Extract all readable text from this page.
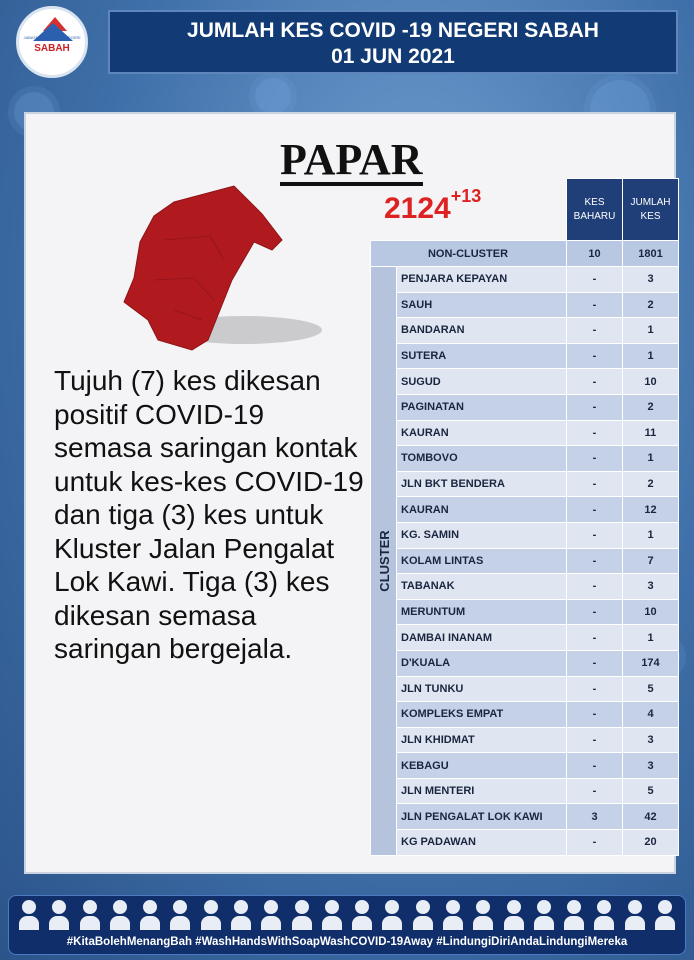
JABATAN KESIHATAN NEGERI
SABAH
JUMLAH KES COVID -19 NEGERI SABAH
01 JUN 2021
PAPAR
$2124^{+13}$

Tujuh (7) kes dikesan positif COVID-19 semasa saringan kontak untuk kes-kes COVID-19 dan tiga (3) kes untuk Kluster Jalan Pengalat Lok Kawi. Tiga (3) kes dikesan semasa saringan bergejala.

		KES BAHARU	JUMLAH KES
NON-CLUSTER		10	1801

CLUSTER	PENJARA KEPAYAN	-	3
	SAUH	-	2
	BANDARAN	-	1
	SUTERA	-	1
	SUGUD	-	10
	PAGINATAN	-	2
	KAURAN	-	11
	TOMBOVO	-	1
	JLN BKT BENDERA	-	2
	KAURAN	-	12
	KG. SAMIN	-	1
	KOLAM LINTAS	-	7
	TABANAK	-	3
	MERUNTUM	-	10
	DAMBAI INANAM	-	1
	D'KUALA	-	174
	JLN TUNKU	-	5
	KOMPLEKS EMPAT	-	4
	JLN KHIDMAT	-	3
	KEBAGU	-	3
	JLN MENTERI	-	5
	JLN PENGALAT LOK KAWI	3	42
	KG PADAWAN	-	20
#KitaBolehMenangBah #WashHandsWithSoapWashCOVID-19Away #LindungiDiriAndaLindungiMereka
